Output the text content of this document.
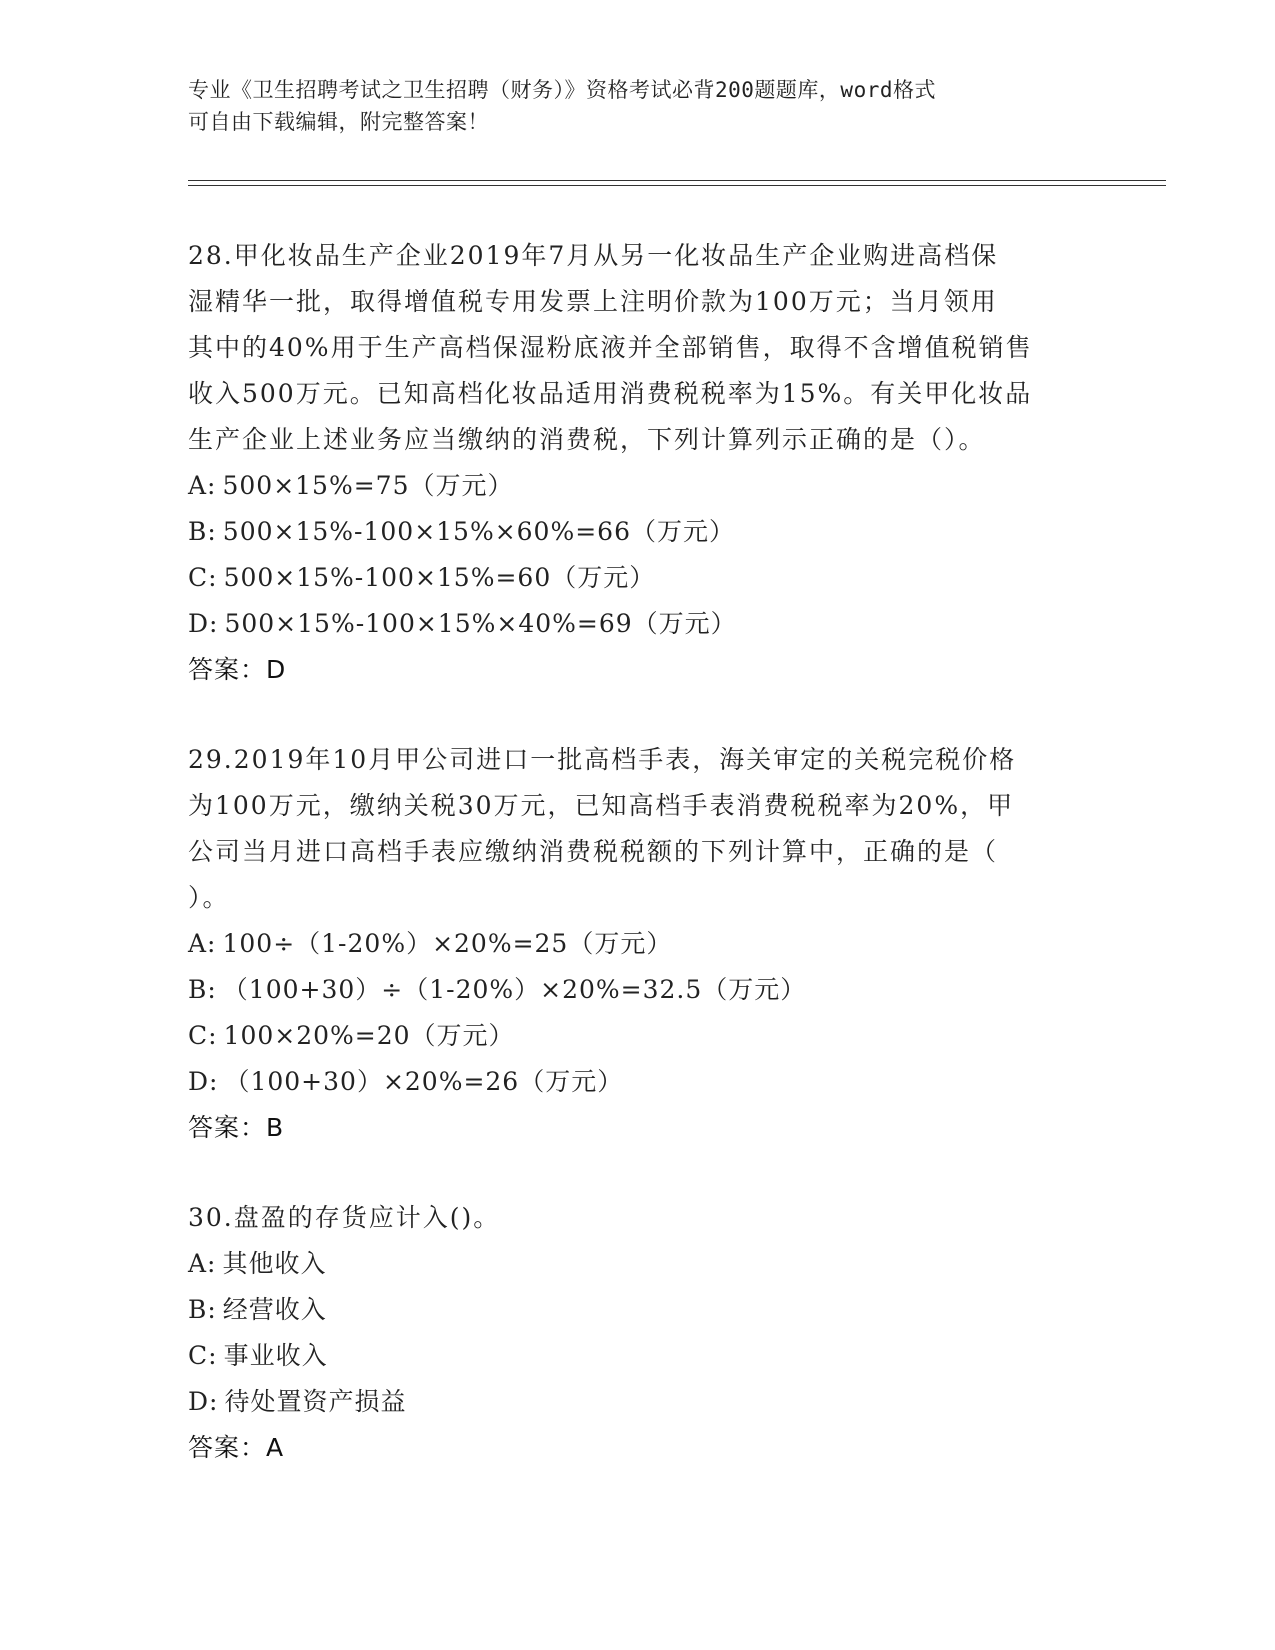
专业《卫生招聘考试之卫生招聘（财务）》资格考试必背200题题库，word格式
可自由下载编辑，附完整答案！
28.甲化妆品生产企业2019年7月从另一化妆品生产企业购进高档保
湿精华一批，取得增值税专用发票上注明价款为100万元；当月领用
其中的40%用于生产高档保湿粉底液并全部销售，取得不含增值税销售
收入500万元。已知高档化妆品适用消费税税率为15%。有关甲化妆品
生产企业上述业务应当缴纳的消费税，下列计算列示正确的是（）。
A: 500×15%=75（万元）
B: 500×15%-100×15%×60%=66（万元）
C: 500×15%-100×15%=60（万元）
D: 500×15%-100×15%×40%=69（万元）
答案：D
29.2019年10月甲公司进口一批高档手表，海关审定的关税完税价格
为100万元，缴纳关税30万元，已知高档手表消费税税率为20%，甲
公司当月进口高档手表应缴纳消费税税额的下列计算中，正确的是（
）。
A: 100÷（1-20%）×20%=25（万元）
B: （100+30）÷（1-20%）×20%=32.5（万元）
C: 100×20%=20（万元）
D: （100+30）×20%=26（万元）
答案：B
30.盘盈的存货应计入()。
A: 其他收入
B: 经营收入
C: 事业收入
D: 待处置资产损益
答案：A
